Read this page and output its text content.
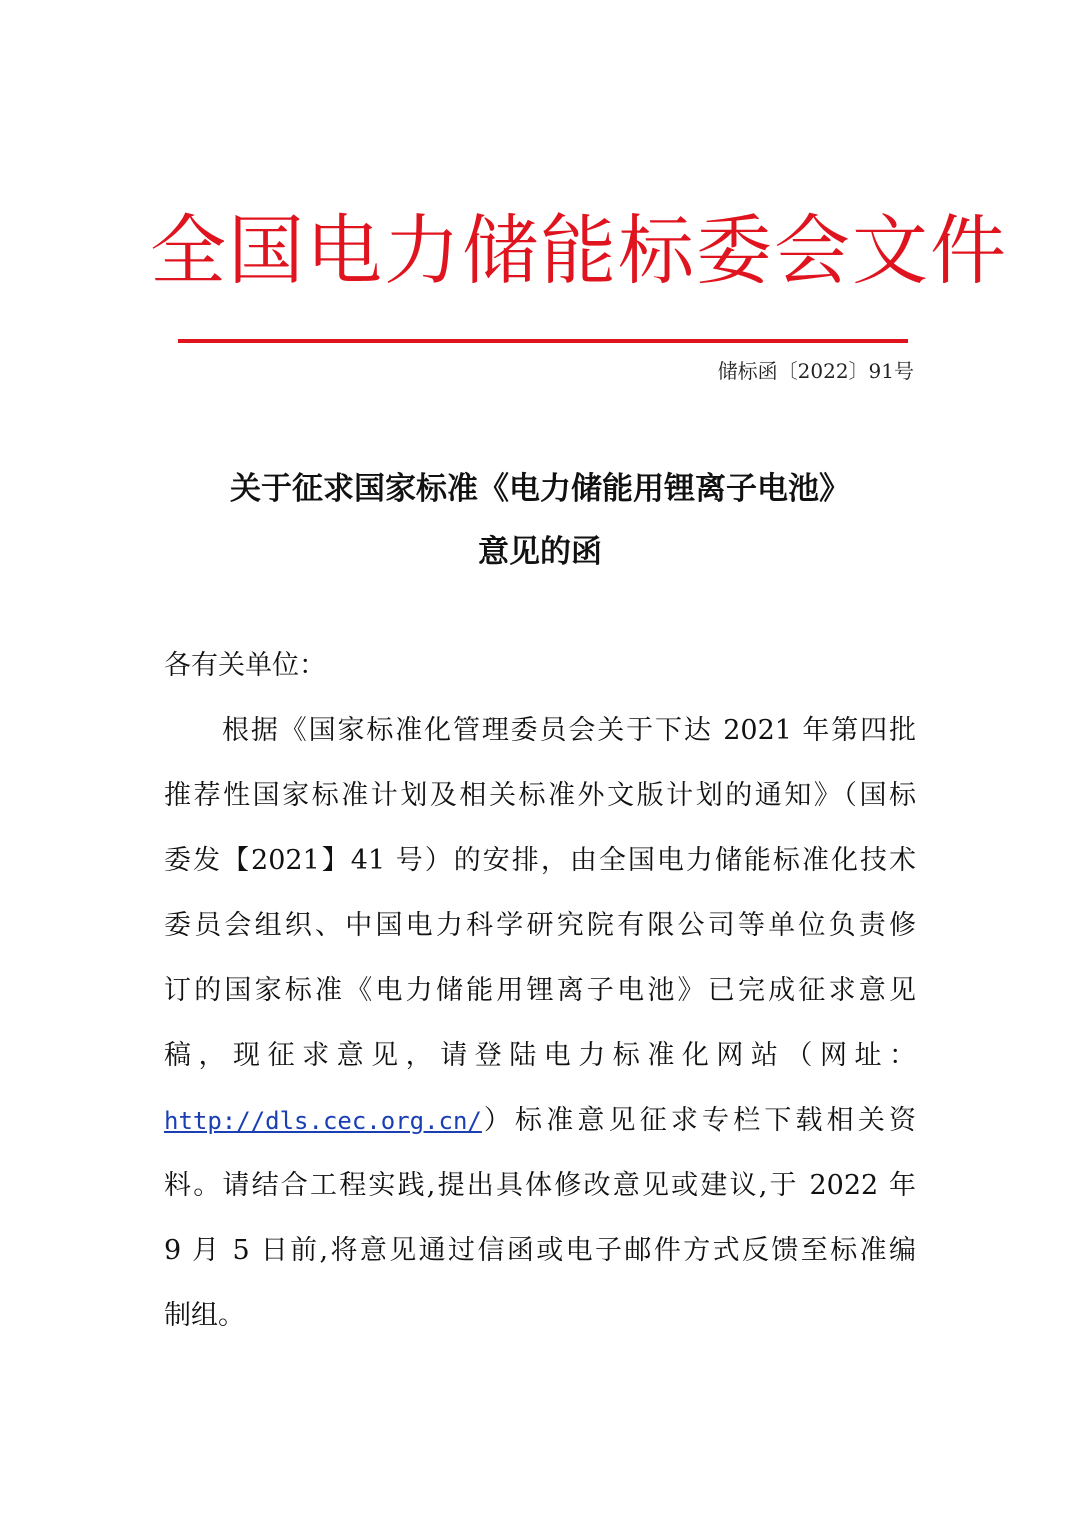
全国电力储能标委会文件
储标函〔2022〕91号
关于征求国家标准《电力储能用锂离子电池》
意见的函
各有关单位：
根据《国家标准化管理委员会关于下达 2021 年第四批
推荐性国家标准计划及相关标准外文版计划的通知》（国标
委发【2021】41 号）的安排，由全国电力储能标准化技术
委员会组织、中国电力科学研究院有限公司等单位负责修
订的国家标准《电力储能用锂离子电池》已完成征求意见
稿，现征求意见，请登陆电力标准化网站（网址：
http://dls.cec.org.cn/ ）标准意见征求专栏下载相关资
料。请结合工程实践,提出具体修改意见或建议,于 2022 年
9 月 5 日前,将意见通过信函或电子邮件方式反馈至标准编
制组。
